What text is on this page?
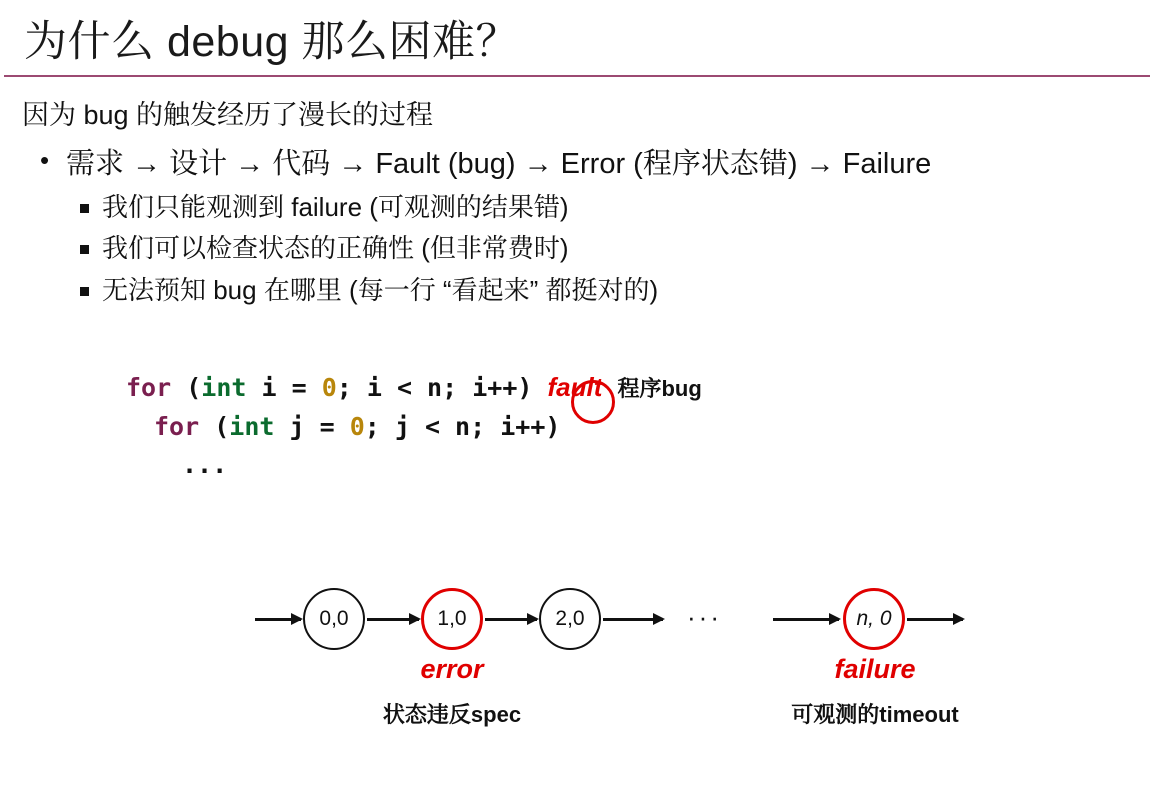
为什么 debug 那么困难？

因为 bug 的触发经历了漫长的过程

• 需求 → 设计 → 代码 → Fault (bug) → Error (程序状态错) → Failure
我们只能观测到 failure (可观测的结果错)
我们可以检查状态的正确性 (但非常费时)
无法预知 bug 在哪里 (每一行 “看起来” 都挺对的)

for (int i = 0; i < n; i++) fault 程序bug
for (int j = 0; j < n; i++)
...

0,0	1,0	2,0	···	n, 0
error
状态违反spec
failure
可观测的timeout
